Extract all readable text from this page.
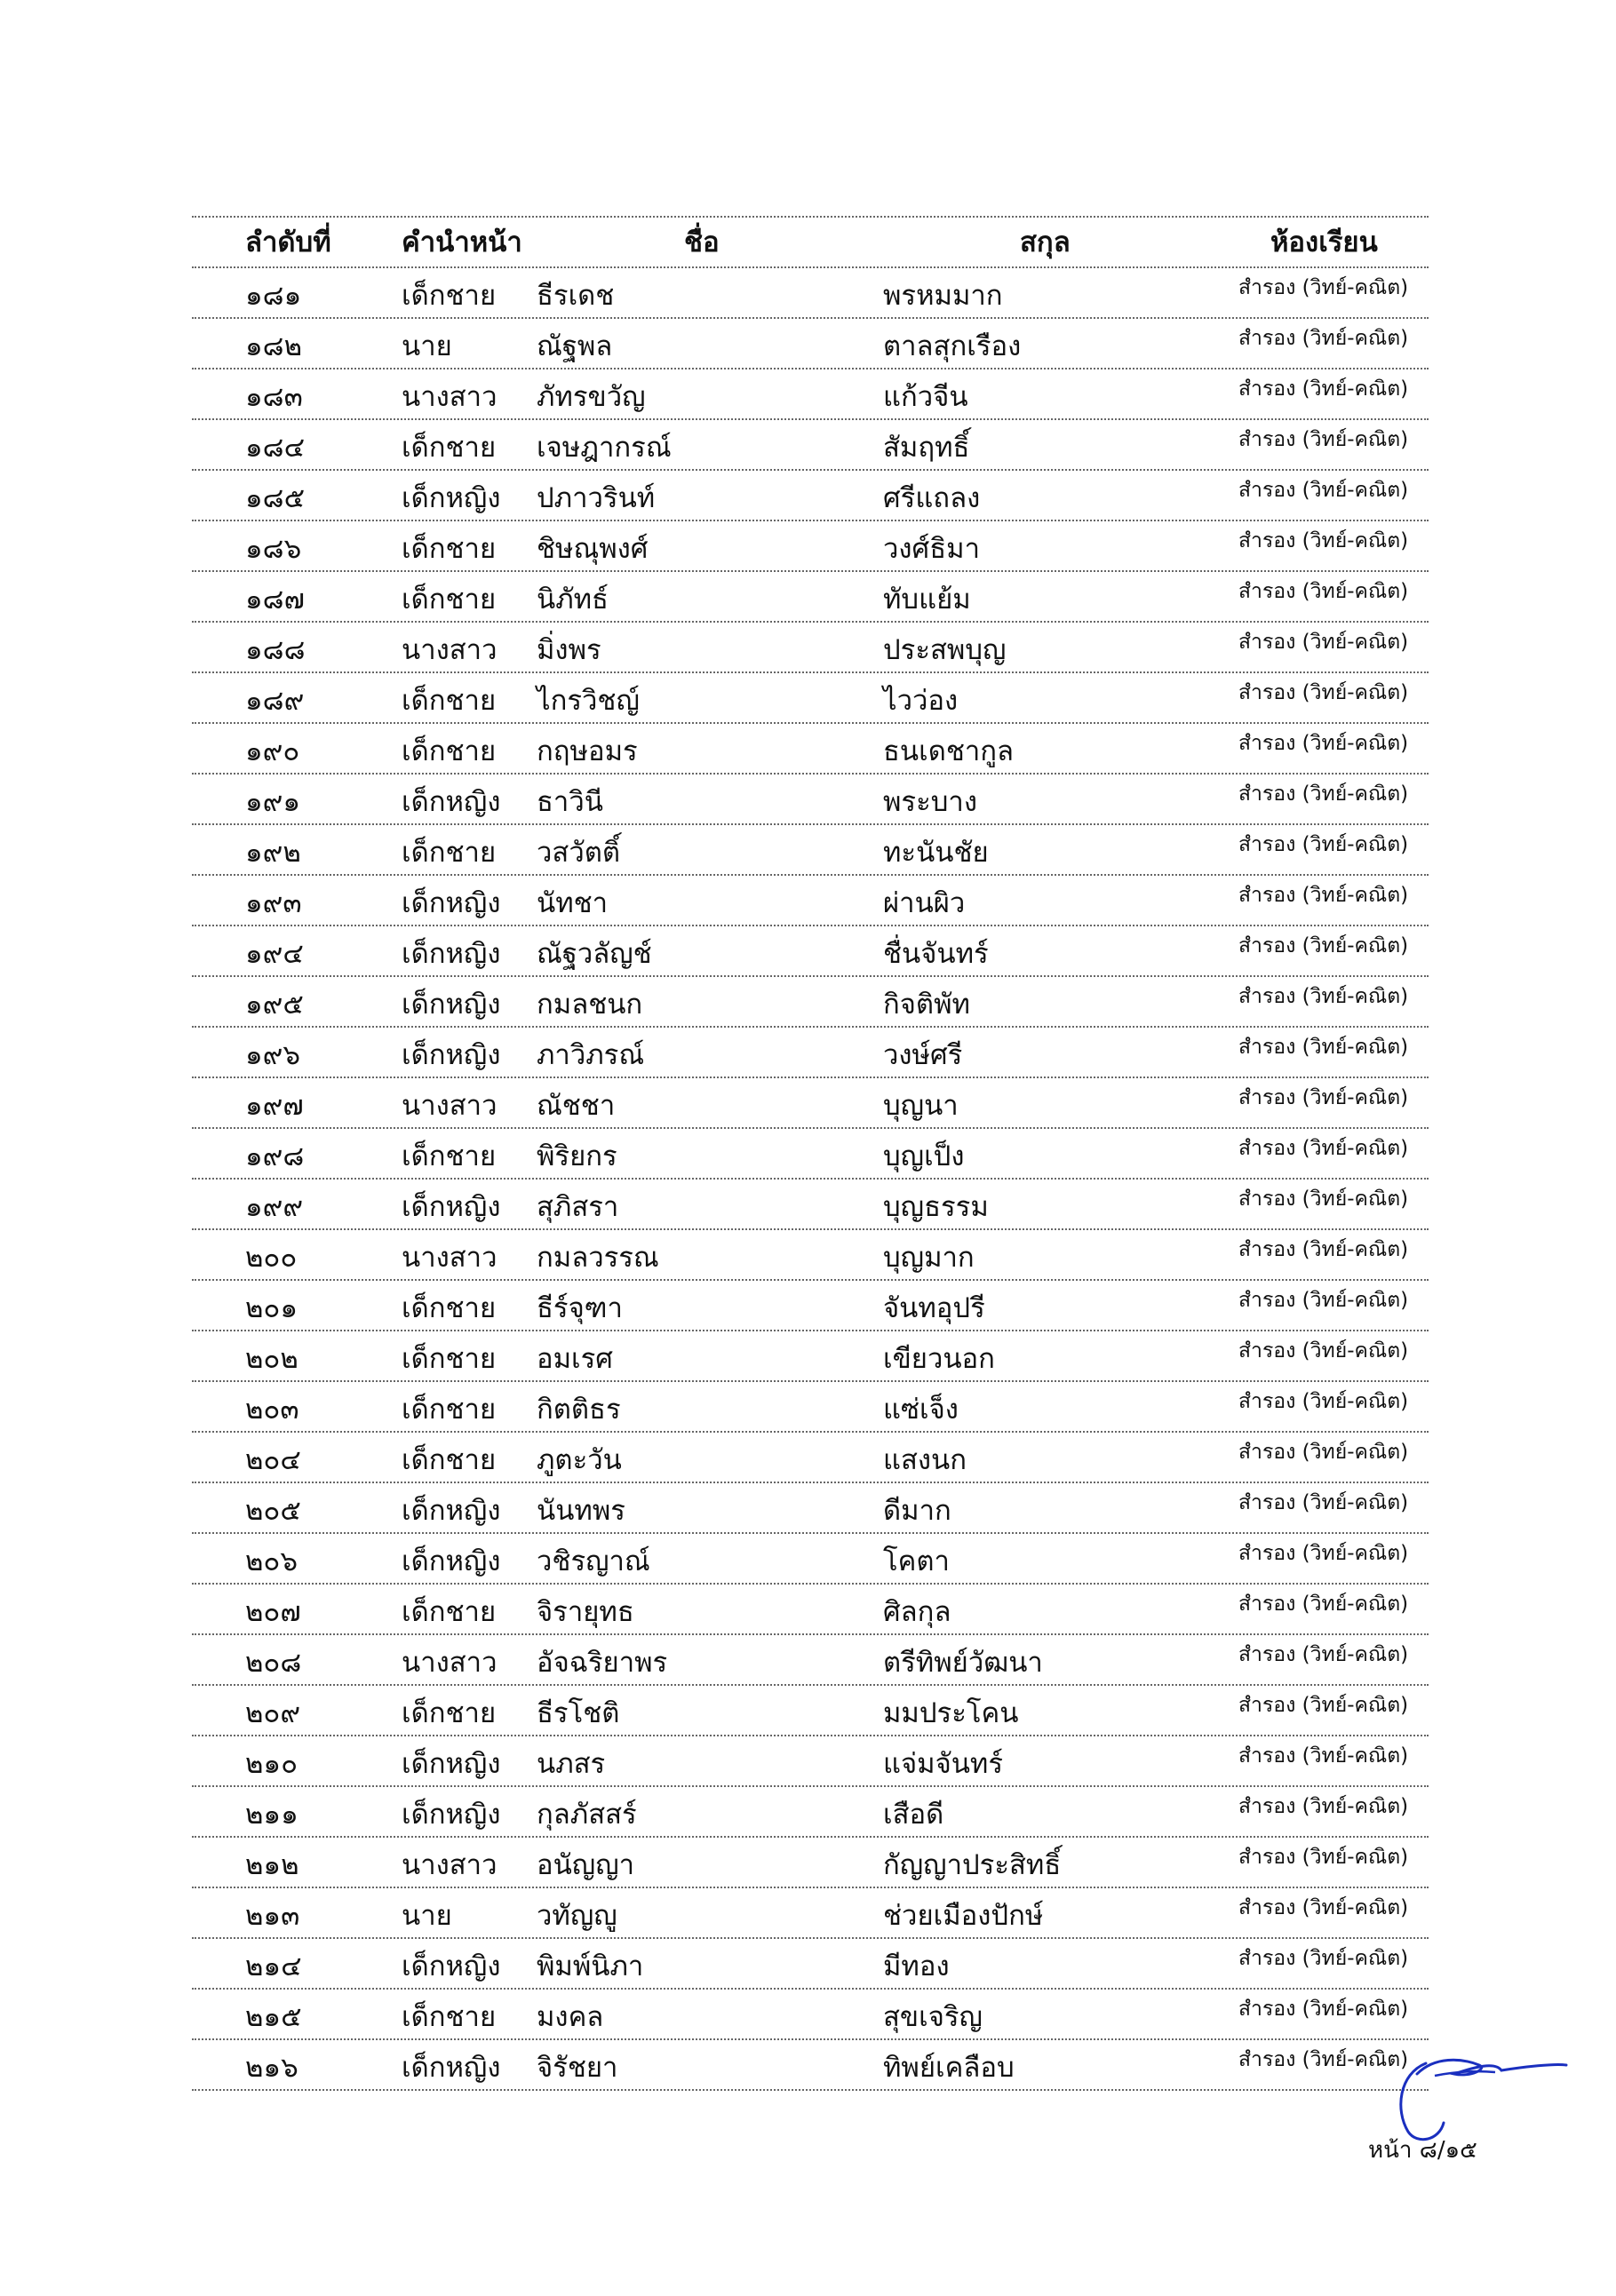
ลำดับที่	คำนำหน้า	ชื่อ	สกุล	ห้องเรียน
๑๘๑	เด็กชาย ธีรเดช	พรหมมาก	สำรอง (วิทย์-คณิต)
๑๘๒	นาย	ณัฐพล	ตาลสุกเรือง	สำรอง (วิทย์-คณิต)
๑๘๓	นางสาว ภัทรขวัญ	แก้วจีน	สำรอง (วิทย์-คณิต)
๑๘๔	เด็กชาย เจษฎากรณ์	สัมฤทธิ์	สำรอง (วิทย์-คณิต)
๑๘๕	เด็กหญิง ปภาวรินท์	ศรีแถลง	สำรอง (วิทย์-คณิต)
๑๘๖	เด็กชาย ชิษณุพงศ์	วงศ์ธิมา	สำรอง (วิทย์-คณิต)
๑๘๗	เด็กชาย นิภัทธ์	ทับแย้ม	สำรอง (วิทย์-คณิต)
๑๘๘	นางสาว มิ่งพร	ประสพบุญ	สำรอง (วิทย์-คณิต)
๑๘๙	เด็กชาย ไกรวิชญ์	ไวว่อง	สำรอง (วิทย์-คณิต)
๑๙๐	เด็กชาย กฤษอมร	ธนเดชากูล	สำรอง (วิทย์-คณิต)
๑๙๑	เด็กหญิง ธาวินี	พระบาง	สำรอง (วิทย์-คณิต)
๑๙๒	เด็กชาย วสวัตติ์	ทะนันชัย	สำรอง (วิทย์-คณิต)
๑๙๓	เด็กหญิง นัทชา	ผ่านผิว	สำรอง (วิทย์-คณิต)
๑๙๔	เด็กหญิง ณัฐวลัญช์	ชื่นจันทร์	สำรอง (วิทย์-คณิต)
๑๙๕	เด็กหญิง กมลชนก	กิจติพัท	สำรอง (วิทย์-คณิต)
๑๙๖	เด็กหญิง ภาวิภรณ์	วงษ์ศรี	สำรอง (วิทย์-คณิต)
๑๙๗	นางสาว ณัชชา	บุญนา	สำรอง (วิทย์-คณิต)
๑๙๘	เด็กชาย พิริยกร	บุญเป็ง	สำรอง (วิทย์-คณิต)
๑๙๙	เด็กหญิง สุภิสรา	บุญธรรม	สำรอง (วิทย์-คณิต)
๒๐๐	นางสาว กมลวรรณ	บุญมาก	สำรอง (วิทย์-คณิต)
๒๐๑	เด็กชาย ธีร์จุฑา	จันทอุปรี	สำรอง (วิทย์-คณิต)
๒๐๒	เด็กชาย อมเรศ	เขียวนอก	สำรอง (วิทย์-คณิต)
๒๐๓	เด็กชาย กิตติธร	แซ่เจ็ง	สำรอง (วิทย์-คณิต)
๒๐๔	เด็กชาย ภูตะวัน	แสงนก	สำรอง (วิทย์-คณิต)
๒๐๕	เด็กหญิง นันทพร	ดีมาก	สำรอง (วิทย์-คณิต)
๒๐๖	เด็กหญิง วชิรญาณ์	โคตา	สำรอง (วิทย์-คณิต)
๒๐๗	เด็กชาย จิรายุทธ	ศิลกุล	สำรอง (วิทย์-คณิต)
๒๐๘	นางสาว อัจฉริยาพร	ตรีทิพย์วัฒนา	สำรอง (วิทย์-คณิต)
๒๐๙	เด็กชาย ธีรโชติ	มมประโคน	สำรอง (วิทย์-คณิต)
๒๑๐	เด็กหญิง นภสร	แจ่มจันทร์	สำรอง (วิทย์-คณิต)
๒๑๑	เด็กหญิง กุลภัสสร์	เสือดี	สำรอง (วิทย์-คณิต)
๒๑๒	นางสาว อนัญญา	กัญญาประสิทธิ์	สำรอง (วิทย์-คณิต)
๒๑๓	นาย	วทัญญู	ช่วยเมืองปักษ์	สำรอง (วิทย์-คณิต)
๒๑๔	เด็กหญิง พิมพ์นิภา	มีทอง	สำรอง (วิทย์-คณิต)
๒๑๕	เด็กชาย มงคล	สุขเจริญ	สำรอง (วิทย์-คณิต)
๒๑๖	เด็กหญิง จิรัชยา	ทิพย์เคลือบ	สำรอง (วิทย์-คณิต)
หน้า ๘/๑๕
